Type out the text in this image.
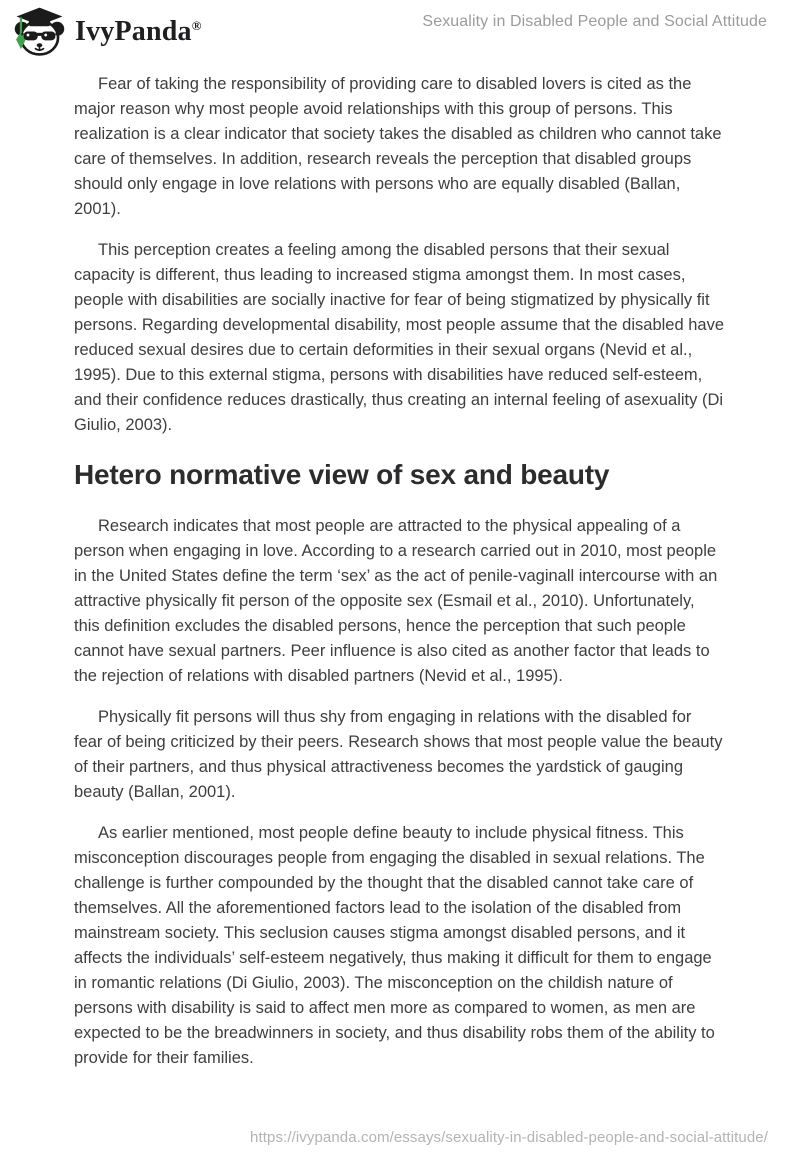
IvyPanda®	Sexuality in Disabled People and Social Attitude

Fear of taking the responsibility of providing care to disabled lovers is cited as the major reason why most people avoid relationships with this group of persons. This realization is a clear indicator that society takes the disabled as children who cannot take care of themselves. In addition, research reveals the perception that disabled groups should only engage in love relations with persons who are equally disabled (Ballan, 2001).

This perception creates a feeling among the disabled persons that their sexual capacity is different, thus leading to increased stigma amongst them. In most cases, people with disabilities are socially inactive for fear of being stigmatized by physically fit persons. Regarding developmental disability, most people assume that the disabled have reduced sexual desires due to certain deformities in their sexual organs (Nevid et al., 1995). Due to this external stigma, persons with disabilities have reduced self-esteem, and their confidence reduces drastically, thus creating an internal feeling of asexuality (Di Giulio, 2003).

Hetero normative view of sex and beauty

Research indicates that most people are attracted to the physical appealing of a person when engaging in love. According to a research carried out in 2010, most people in the United States define the term ‘sex’ as the act of penile-vaginall intercourse with an attractive physically fit person of the opposite sex (Esmail et al., 2010). Unfortunately, this definition excludes the disabled persons, hence the perception that such people cannot have sexual partners. Peer influence is also cited as another factor that leads to the rejection of relations with disabled partners (Nevid et al., 1995).

Physically fit persons will thus shy from engaging in relations with the disabled for fear of being criticized by their peers. Research shows that most people value the beauty of their partners, and thus physical attractiveness becomes the yardstick of gauging beauty (Ballan, 2001).

As earlier mentioned, most people define beauty to include physical fitness. This misconception discourages people from engaging the disabled in sexual relations. The challenge is further compounded by the thought that the disabled cannot take care of themselves. All the aforementioned factors lead to the isolation of the disabled from mainstream society. This seclusion causes stigma amongst disabled persons, and it affects the individuals’ self-esteem negatively, thus making it difficult for them to engage in romantic relations (Di Giulio, 2003). The misconception on the childish nature of persons with disability is said to affect men more as compared to women, as men are expected to be the breadwinners in society, and thus disability robs them of the ability to provide for their families.

https://ivypanda.com/essays/sexuality-in-disabled-people-and-social-attitude/
